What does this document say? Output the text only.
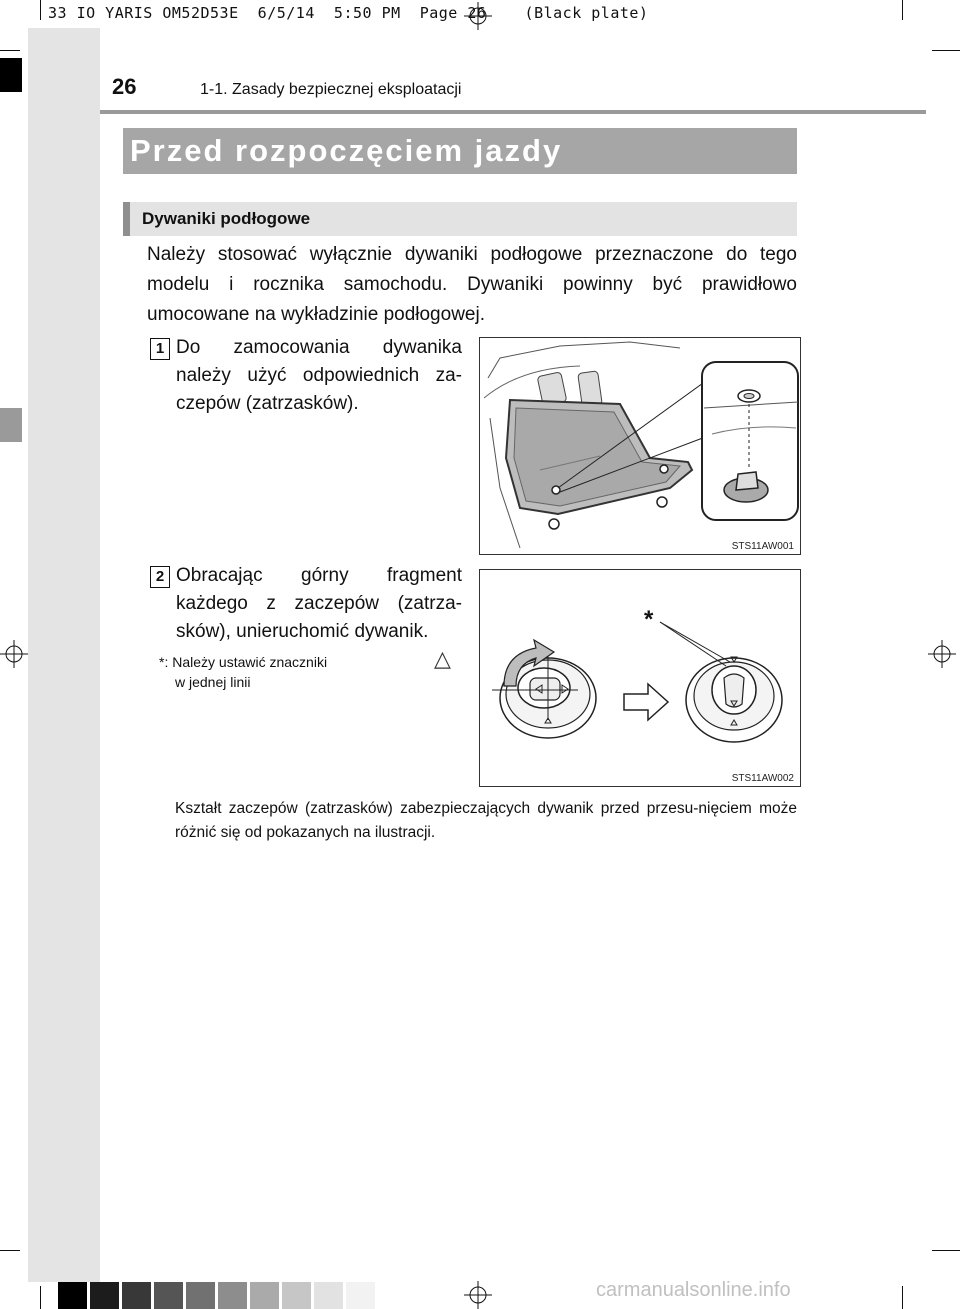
33 IO YARIS OM52D53E  6/5/14  5:50 PM  Page 26    (Black plate)
26	1-1. Zasady bezpiecznej eksploatacji
Przed rozpoczęciem jazdy
Dywaniki podłogowe
Należy stosować wyłącznie dywaniki podłogowe przeznaczone do tego modelu i rocznika samochodu. Dywaniki powinny być prawidłowo umocowane na wykładzinie podłogowej.
1 Do zamocowania dywanika należy użyć odpowiednich za-czepów (zatrzasków).
STS11AW001
2 Obracając górny fragment każdego z zaczepów (zatrza-sków), unieruchomić dywanik.
*: Należy ustawić znaczniki
w jednej linii
△
*
STS11AW002
Kształt zaczepów (zatrzasków) zabezpieczających dywanik przed przesu-nięciem może różnić się od pokazanych na ilustracji.
carmanualsonline.info
